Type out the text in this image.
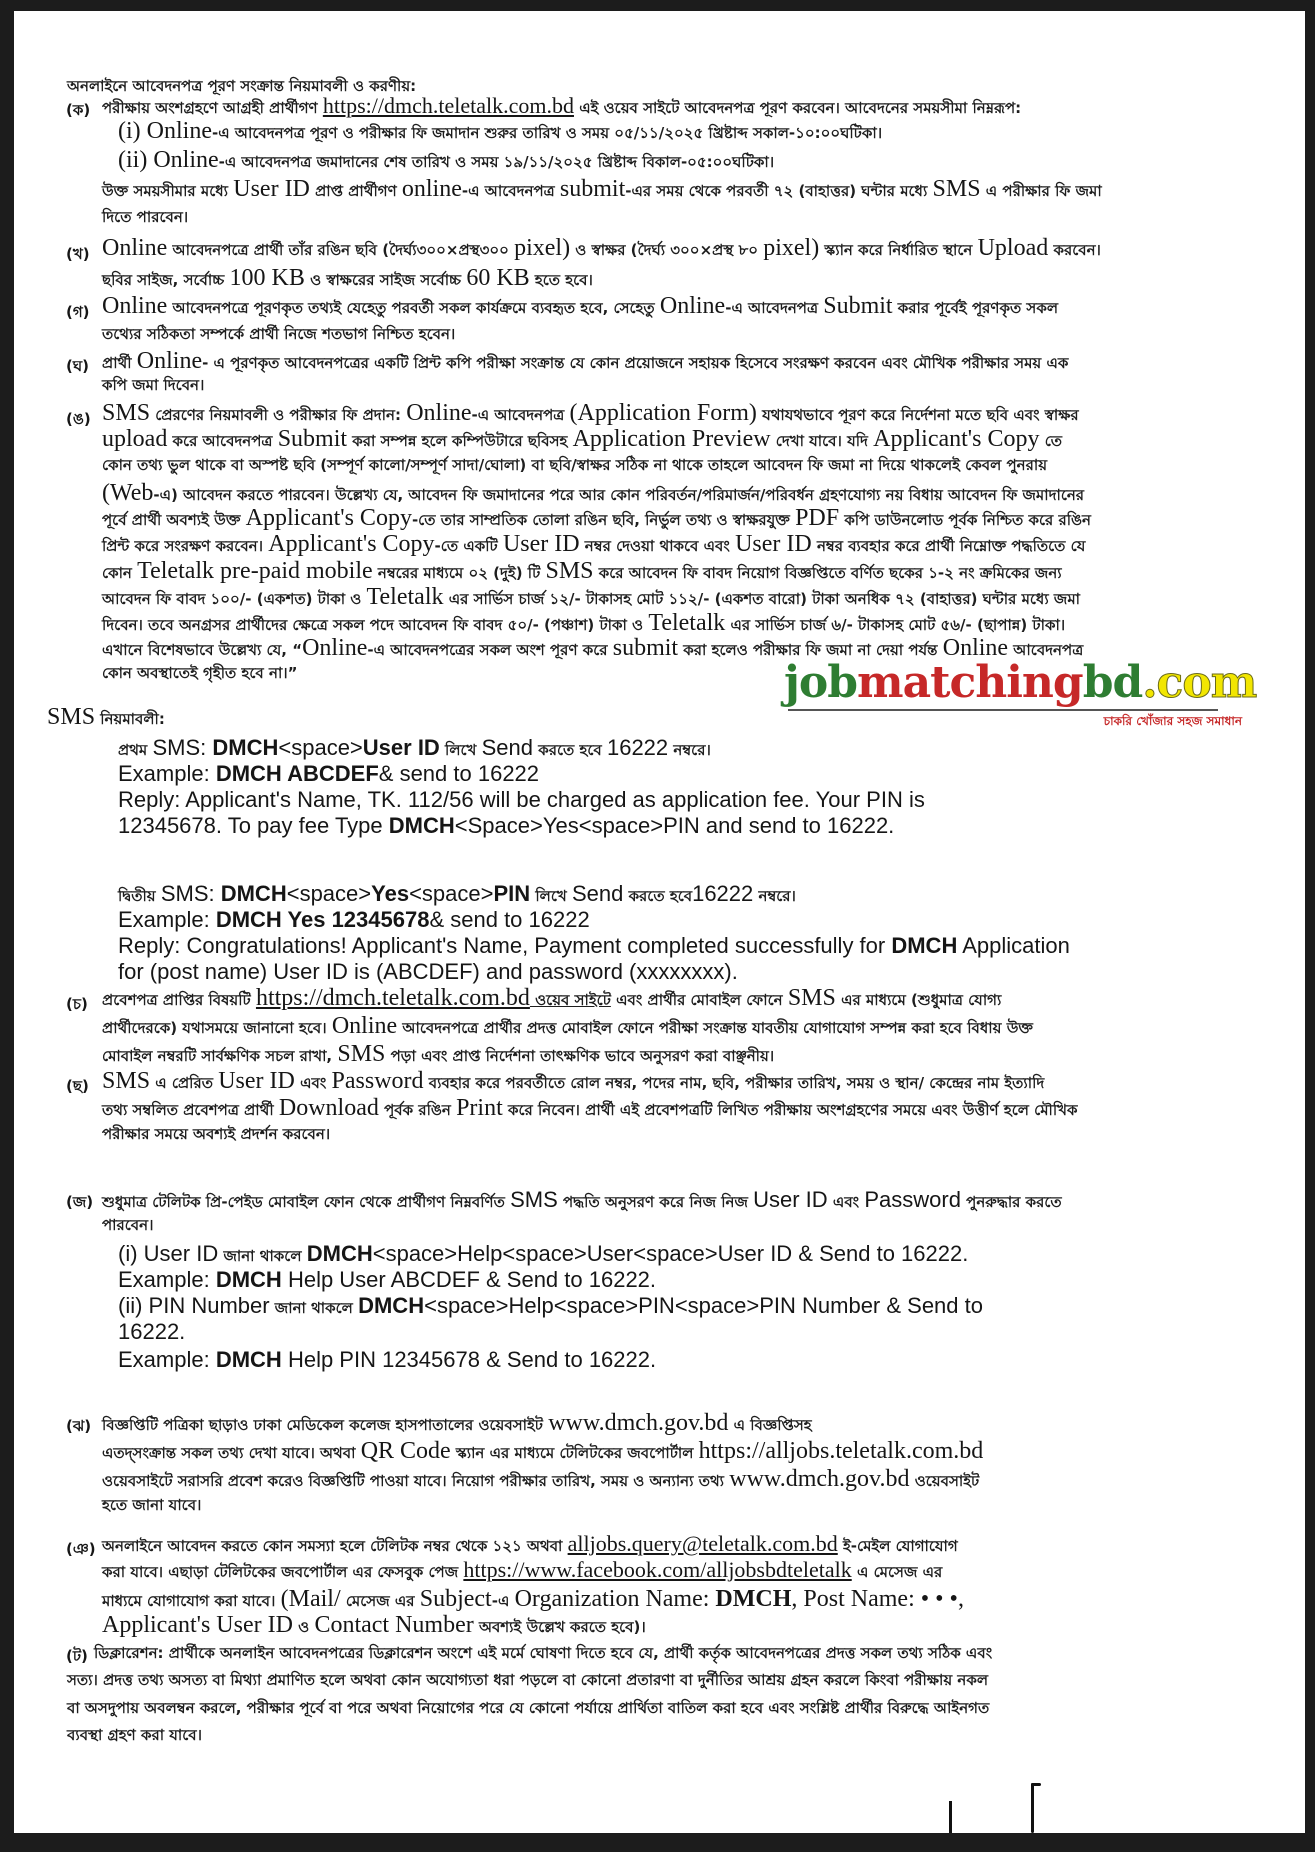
অনলাইনে আবেদনপত্র পূরণ সংক্রান্ত নিয়মাবলী ও করণীয়:
(ক) পরীক্ষায় অংশগ্রহণে আগ্রহী প্রার্থীগণ https://dmch.teletalk.com.bd এই ওয়েব সাইটে আবেদনপত্র পূরণ করবেন। আবেদনের সময়সীমা নিম্নরূপ:
(i) Online-এ আবেদনপত্র পূরণ ও পরীক্ষার ফি জমাদান শুরুর তারিখ ও সময় ০৫/১১/২০২৫ খ্রিষ্টাব্দ সকাল-১০:০০ঘটিকা।
(ii) Online-এ আবেদনপত্র জমাদানের শেষ তারিখ ও সময় ১৯/১১/২০২৫ খ্রিষ্টাব্দ বিকাল-০৫:০০ঘটিকা।
উক্ত সময়সীমার মধ্যে User ID প্রাপ্ত প্রার্থীগণ online-এ আবেদনপত্র submit-এর সময় থেকে পরবর্তী ৭২ (বাহাত্তর) ঘন্টার মধ্যে SMS এ পরীক্ষার ফি জমা
দিতে পারবেন।
(খ) Online আবেদনপত্রে প্রার্থী তাঁর রঙিন ছবি (দৈর্ঘ্য৩০০×প্রস্থ৩০০ pixel) ও স্বাক্ষর (দৈর্ঘ্য ৩০০×প্রস্থ ৮০ pixel) স্ক্যান করে নির্ধারিত স্থানে Upload করবেন।
ছবির সাইজ, সর্বোচ্চ 100 KB ও স্বাক্ষরের সাইজ সর্বোচ্চ 60 KB হতে হবে।
(গ) Online আবেদনপত্রে পূরণকৃত তথ্যই যেহেতু পরবর্তী সকল কার্যক্রমে ব্যবহৃত হবে, সেহেতু Online-এ আবেদনপত্র Submit করার পূর্বেই পূরণকৃত সকল
তথ্যের সঠিকতা সম্পর্কে প্রার্থী নিজে শতভাগ নিশ্চিত হবেন।
(ঘ) প্রার্থী Online- এ পূরণকৃত আবেদনপত্রের একটি প্রিন্ট কপি পরীক্ষা সংক্রান্ত যে কোন প্রয়োজনে সহায়ক হিসেবে সংরক্ষণ করবেন এবং মৌখিক পরীক্ষার সময় এক
কপি জমা দিবেন।
(ঙ) SMS প্রেরণের নিয়মাবলী ও পরীক্ষার ফি প্রদান: Online-এ আবেদনপত্র (Application Form) যথাযথভাবে পূরণ করে নির্দেশনা মতে ছবি এবং স্বাক্ষর
upload করে আবেদনপত্র Submit করা সম্পন্ন হলে কম্পিউটারে ছবিসহ Application Preview দেখা যাবে। যদি Applicant's Copy তে
কোন তথ্য ভুল থাকে বা অস্পষ্ট ছবি (সম্পূর্ণ কালো/সম্পূর্ণ সাদা/ঘোলা) বা ছবি/স্বাক্ষর সঠিক না থাকে তাহলে আবেদন ফি জমা না দিয়ে থাকলেই কেবল পুনরায়
(Web-এ) আবেদন করতে পারবেন। উল্লেখ্য যে, আবেদন ফি জমাদানের পরে আর কোন পরিবর্তন/পরিমার্জন/পরিবর্ধন গ্রহণযোগ্য নয় বিধায় আবেদন ফি জমাদানের
পূর্বে প্রার্থী অবশ্যই উক্ত Applicant's Copy-তে তার সাম্প্রতিক তোলা রঙিন ছবি, নির্ভুল তথ্য ও স্বাক্ষরযুক্ত PDF কপি ডাউনলোড পূর্বক নিশ্চিত করে রঙিন
প্রিন্ট করে সংরক্ষণ করবেন। Applicant's Copy-তে একটি User ID নম্বর দেওয়া থাকবে এবং User ID নম্বর ব্যবহার করে প্রার্থী নিম্নোক্ত পদ্ধতিতে যে
কোন Teletalk pre-paid mobile নম্বরের মাধ্যমে ০২ (দুই) টি SMS করে আবেদন ফি বাবদ নিয়োগ বিজ্ঞপ্তিতে বর্ণিত ছকের ১-২ নং ক্রমিকের জন্য
আবেদন ফি বাবদ ১০০/- (একশত) টাকা ও Teletalk এর সার্ভিস চার্জ ১২/- টাকাসহ মোট ১১২/- (একশত বারো) টাকা অনধিক ৭২ (বাহাত্তর) ঘন্টার মধ্যে জমা
দিবেন। তবে অনগ্রসর প্রার্থীদের ক্ষেত্রে সকল পদে আবেদন ফি বাবদ ৫০/- (পঞ্চাশ) টাকা ও Teletalk এর সার্ভিস চার্জ ৬/- টাকাসহ মোট ৫৬/- (ছাপান্ন) টাকা।
এখানে বিশেষভাবে উল্লেখ্য যে, “Online-এ আবেদনপত্রের সকল অংশ পূরণ করে submit করা হলেও পরীক্ষার ফি জমা না দেয়া পর্যন্ত Online আবেদনপত্র
কোন অবস্থাতেই গৃহীত হবে না।”	jobmatchingbd.com
চাকরি খোঁজার সহজ সমাধান
SMS নিয়মাবলী:
প্রথম SMS: DMCH<space>User ID লিখে Send করতে হবে 16222 নম্বরে।
Example: DMCH ABCDEF& send to 16222
Reply: Applicant's Name, TK. 112/56 will be charged as application fee. Your PIN is
12345678. To pay fee Type DMCH<Space>Yes<space>PIN and send to 16222.
দ্বিতীয় SMS: DMCH<space>Yes<space>PIN লিখে Send করতে হবে16222 নম্বরে।
Example: DMCH Yes 12345678& send to 16222
Reply: Congratulations! Applicant's Name, Payment completed successfully for DMCH Application
for (post name) User ID is (ABCDEF) and password (xxxxxxxx).
(চ) প্রবেশপত্র প্রাপ্তির বিষয়টি https://dmch.teletalk.com.bd ওয়েব সাইটে এবং প্রার্থীর মোবাইল ফোনে SMS এর মাধ্যমে (শুধুমাত্র যোগ্য
প্রার্থীদেরকে) যথাসময়ে জানানো হবে। Online আবেদনপত্রে প্রার্থীর প্রদত্ত মোবাইল ফোনে পরীক্ষা সংক্রান্ত যাবতীয় যোগাযোগ সম্পন্ন করা হবে বিধায় উক্ত
মোবাইল নম্বরটি সার্বক্ষণিক সচল রাখা, SMS পড়া এবং প্রাপ্ত নির্দেশনা তাৎক্ষণিক ভাবে অনুসরণ করা বাঞ্ছনীয়।
(ছ) SMS এ প্রেরিত User ID এবং Password ব্যবহার করে পরবর্তীতে রোল নম্বর, পদের নাম, ছবি, পরীক্ষার তারিখ, সময় ও স্থান/ কেন্দ্রের নাম ইত্যাদি
তথ্য সম্বলিত প্রবেশপত্র প্রার্থী Download পূর্বক রঙিন Print করে নিবেন। প্রার্থী এই প্রবেশপত্রটি লিখিত পরীক্ষায় অংশগ্রহণের সময়ে এবং উত্তীর্ণ হলে মৌখিক
পরীক্ষার সময়ে অবশ্যই প্রদর্শন করবেন।
(জ) শুধুমাত্র টেলিটক প্রি-পেইড মোবাইল ফোন থেকে প্রার্থীগণ নিম্নবর্ণিত SMS পদ্ধতি অনুসরণ করে নিজ নিজ User ID এবং Password পুনরুদ্ধার করতে
পারবেন।
(i) User ID জানা থাকলে DMCH<space>Help<space>User<space>User ID & Send to 16222.
Example: DMCH Help User ABCDEF & Send to 16222.
(ii) PIN Number জানা থাকলে DMCH<space>Help<space>PIN<space>PIN Number & Send to
16222.
Example: DMCH Help PIN 12345678 & Send to 16222.
(ঝ) বিজ্ঞপ্তিটি পত্রিকা ছাড়াও ঢাকা মেডিকেল কলেজ হাসপাতালের ওয়েবসাইট www.dmch.gov.bd এ বিজ্ঞপ্তিসহ
এতদ্সংক্রান্ত সকল তথ্য দেখা যাবে। অথবা QR Code স্ক্যান এর মাধ্যমে টেলিটকের জবপোর্টাল https://alljobs.teletalk.com.bd
ওয়েবসাইটে সরাসরি প্রবেশ করেও বিজ্ঞপ্তিটি পাওয়া যাবে। নিয়োগ পরীক্ষার তারিখ, সময় ও অন্যান্য তথ্য www.dmch.gov.bd ওয়েবসাইট
হতে জানা যাবে।
(ঞ) অনলাইনে আবেদন করতে কোন সমস্যা হলে টেলিটক নম্বর থেকে ১২১ অথবা alljobs.query@teletalk.com.bd ই-মেইল যোগাযোগ
করা যাবে। এছাড়া টেলিটকের জবপোর্টাল এর ফেসবুক পেজ https://www.facebook.com/alljobsbdteletalk এ মেসেজ এর
মাধ্যমে যোগাযোগ করা যাবে। (Mail/ মেসেজ এর Subject-এ Organization Name: DMCH, Post Name: • • •,
Applicant's User ID ও Contact Number অবশ্যই উল্লেখ করতে হবে)।
(ট) ডিক্লারেশন: প্রার্থীকে অনলাইন আবেদনপত্রের ডিক্লারেশন অংশে এই মর্মে ঘোষণা দিতে হবে যে, প্রার্থী কর্তৃক আবেদনপত্রের প্রদত্ত সকল তথ্য সঠিক এবং
সত্য। প্রদত্ত তথ্য অসত্য বা মিথ্যা প্রমাণিত হলে অথবা কোন অযোগ্যতা ধরা পড়লে বা কোনো প্রতারণা বা দুর্নীতির আশ্রয় গ্রহন করলে কিংবা পরীক্ষায় নকল
বা অসদুপায় অবলম্বন করলে, পরীক্ষার পূর্বে বা পরে অথবা নিয়োগের পরে যে কোনো পর্যায়ে প্রার্থিতা বাতিল করা হবে এবং সংশ্লিষ্ট প্রার্থীর বিরুদ্ধে আইনগত
ব্যবস্থা গ্রহণ করা যাবে।
